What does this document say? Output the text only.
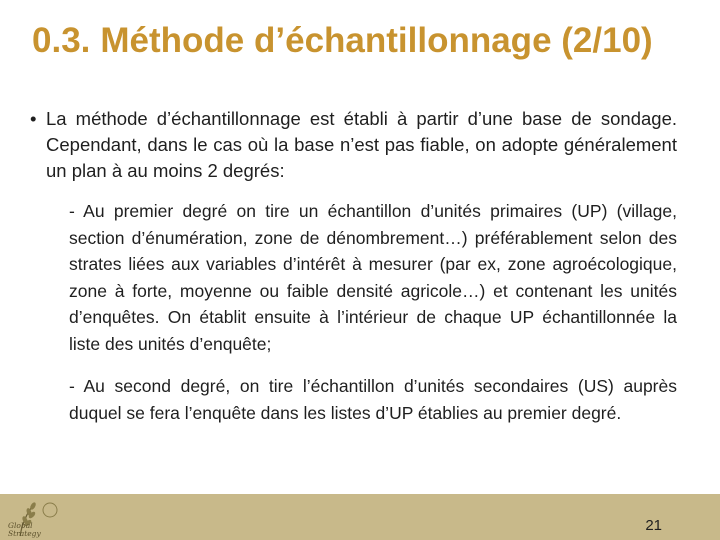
0.3. Méthode d’échantillonnage (2/10)

• La méthode d’échantillonnage est établi à partir d’une base de sondage. Cependant, dans le cas où la base n’est pas fiable, on adopte généralement un plan à au moins 2 degrés:

- Au premier degré on tire un échantillon d’unités primaires (UP) (village, section d’énumération, zone de dénombrement…) préférablement selon des strates liées aux variables d’intérêt à mesurer (par ex, zone agroécologique, zone à forte, moyenne ou faible densité agricole…) et contenant les unités d’enquêtes. On établit ensuite à l’intérieur de chaque UP échantillonnée la liste des unités d’enquête;

- Au second degré, on tire l’échantillon d’unités secondaires (US) auprès duquel se fera l’enquête dans les listes d’UP établies au premier degré.

Global Strategy	21
